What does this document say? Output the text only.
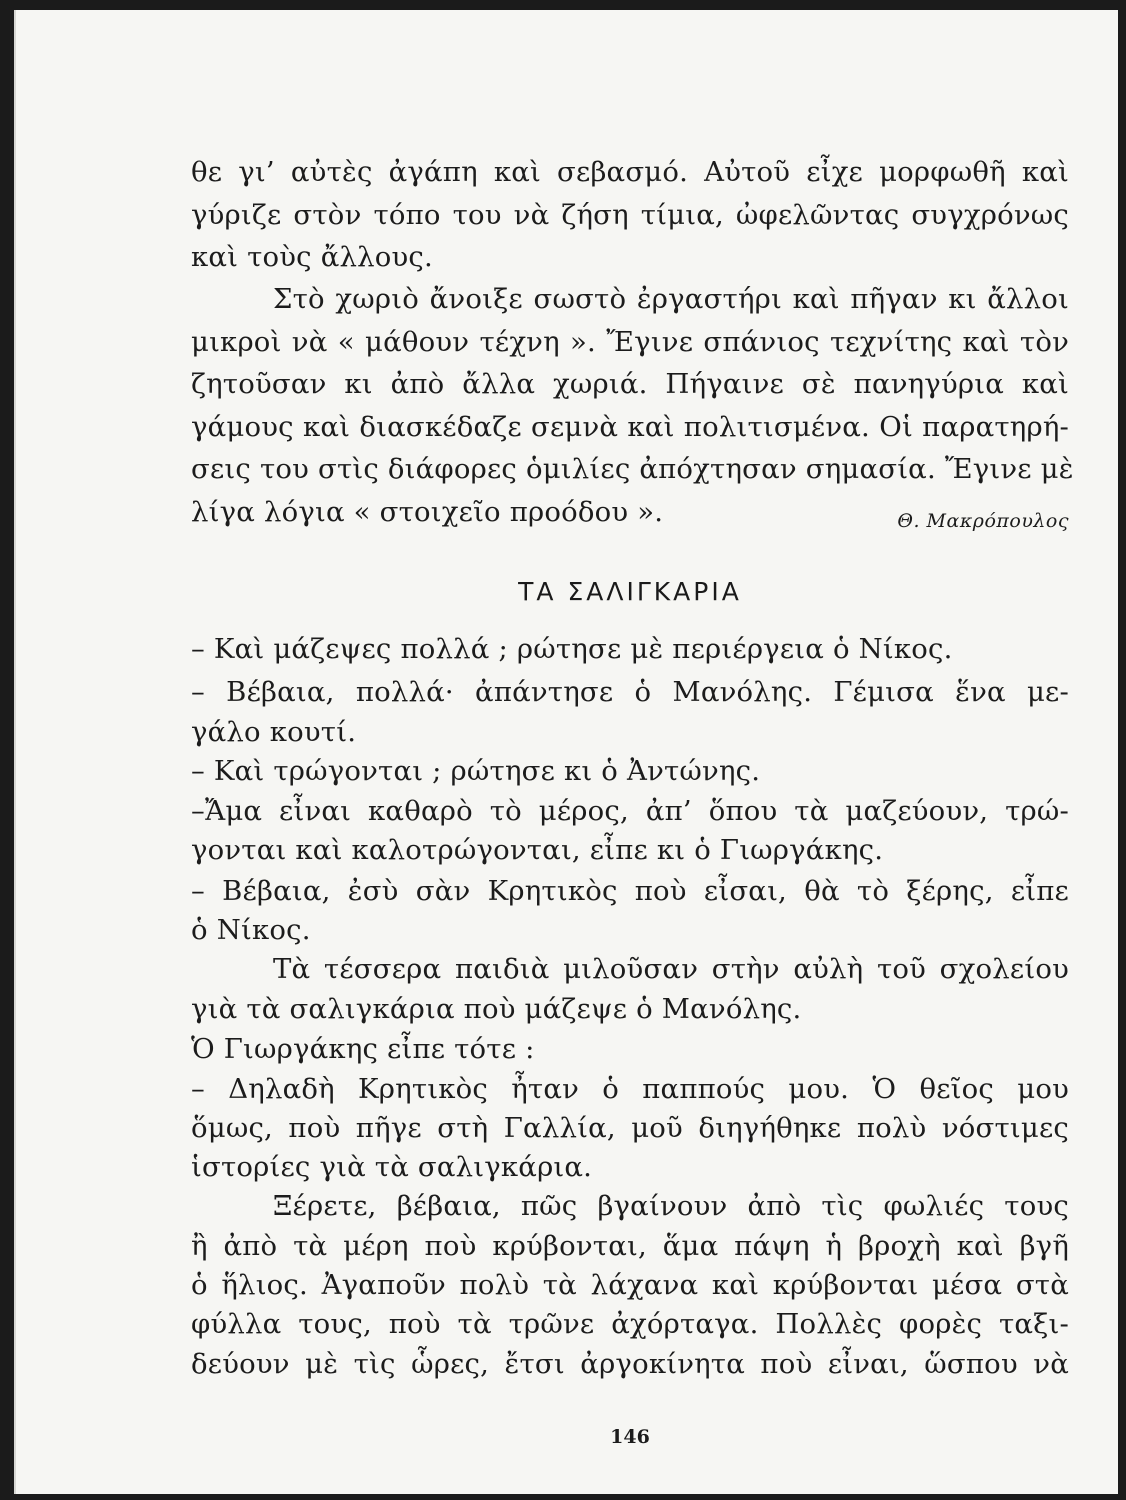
θε γι’ αὐτὲς ἀγάπη καὶ σεβασμό. Αὐτοῦ εἶχε μορφωθῆ καὶ
γύριζε στὸν τόπο του νὰ ζήση τίμια, ὠφελῶντας συγχρόνως
καὶ τοὺς ἄλλους.
Στὸ χωριὸ ἄνοιξε σωστὸ ἐργαστήρι καὶ πῆγαν κι ἄλλοι
μικροὶ νὰ « μάθουν τέχνη ». Ἔγινε σπάνιος τεχνίτης καὶ τὸν
ζητοῦσαν κι ἀπὸ ἄλλα χωριά. Πήγαινε σὲ πανηγύρια καὶ
γάμους καὶ διασκέδαζε σεμνὰ καὶ πολιτισμένα. Οἱ παρατηρή-
σεις του στὶς διάφορες ὁμιλίες ἀπόχτησαν σημασία. Ἔγινε μὲ
λίγα λόγια « στοιχεῖο προόδου ».	Θ. Μακρόπουλος
ΤΑ ΣΑΛΙΓΚΑΡΙΑ
– Καὶ μάζεψες πολλά ; ρώτησε μὲ περιέργεια ὁ Νίκος.
– Βέβαια, πολλά· ἀπάντησε ὁ Μανόλης. Γέμισα ἕνα με-
γάλο κουτί.
– Καὶ τρώγονται ; ρώτησε κι ὁ Ἀντώνης.
–Ἄμα εἶναι καθαρὸ τὸ μέρος, ἀπ’ ὅπου τὰ μαζεύουν, τρώ-
γονται καὶ καλοτρώγονται, εἶπε κι ὁ Γιωργάκης.
– Βέβαια, ἐσὺ σὰν Κρητικὸς ποὺ εἶσαι, θὰ τὸ ξέρης, εἶπε
ὁ Νίκος.
Τὰ τέσσερα παιδιὰ μιλοῦσαν στὴν αὐλὴ τοῦ σχολείου
γιὰ τὰ σαλιγκάρια ποὺ μάζεψε ὁ Μανόλης.
Ὁ Γιωργάκης εἶπε τότε :
– Δηλαδὴ Κρητικὸς ἦταν ὁ παππούς μου. Ὁ θεῖος μου
ὅμως, ποὺ πῆγε στὴ Γαλλία, μοῦ διηγήθηκε πολὺ νόστιμες
ἱστορίες γιὰ τὰ σαλιγκάρια.
Ξέρετε, βέβαια, πῶς βγαίνουν ἀπὸ τὶς φωλιές τους
ἢ ἀπὸ τὰ μέρη ποὺ κρύβονται, ἅμα πάψη ἡ βροχὴ καὶ βγῆ
ὁ ἥλιος. Ἀγαποῦν πολὺ τὰ λάχανα καὶ κρύβονται μέσα στὰ
φύλλα τους, ποὺ τὰ τρῶνε ἀχόρταγα. Πολλὲς φορὲς ταξι-
δεύουν μὲ τὶς ὧρες, ἔτσι ἀργοκίνητα ποὺ εἶναι, ὥσπου νὰ
146
